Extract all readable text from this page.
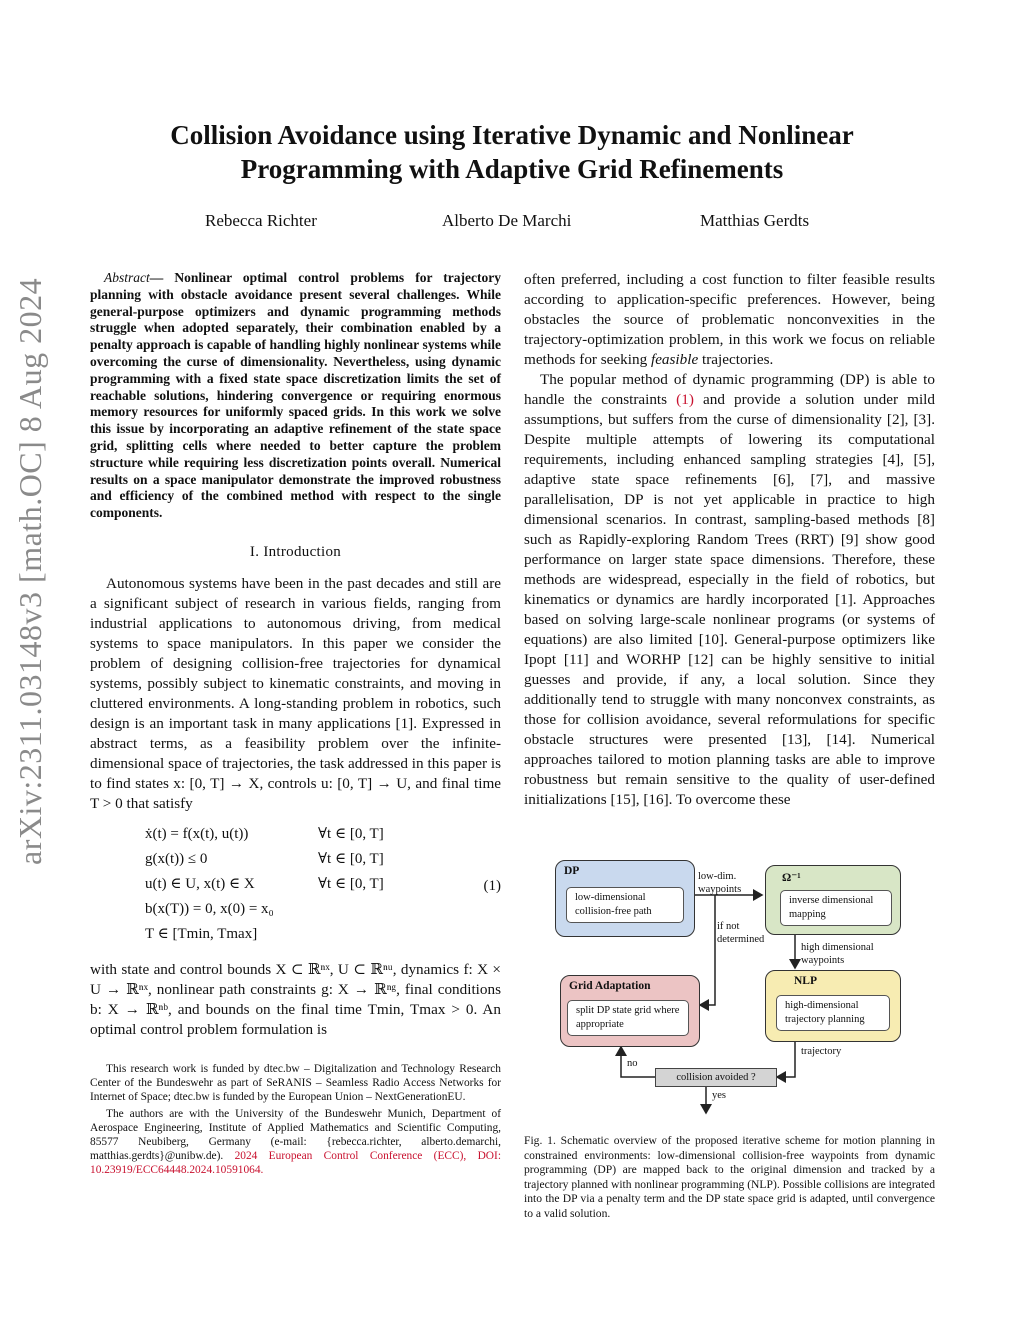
arXiv:2311.03148v3 [math.OC] 8 Aug 2024
Collision Avoidance using Iterative Dynamic and Nonlinear
Programming with Adaptive Grid Refinements
Rebecca Richter	Alberto De Marchi	Matthias Gerdts

Abstract— Nonlinear optimal control problems for trajectory planning with obstacle avoidance present several challenges. While general-purpose optimizers and dynamic programming methods struggle when adopted separately, their combination enabled by a penalty approach is capable of handling highly nonlinear systems while overcoming the curse of dimensionality. Nevertheless, using dynamic programming with a fixed state space discretization limits the set of reachable solutions, hindering convergence or requiring enormous memory resources for uniformly spaced grids. In this work we solve this issue by incorporating an adaptive refinement of the state space grid, splitting cells where needed to better capture the problem structure while requiring less discretization points overall. Numerical results on a space manipulator demonstrate the improved robustness and efficiency of the combined method with respect to the single components.

I. Introduction

Autonomous systems have been in the past decades and still are a significant subject of research in various fields, ranging from industrial applications to autonomous driving, from medical systems to space manipulators. In this paper we consider the problem of designing collision-free trajectories for dynamical systems, possibly subject to kinematic constraints, and moving in cluttered environments. A long-standing problem in robotics, such design is an important task in many applications [1]. Expressed in abstract terms, as a feasibility problem over the infinite-dimensional space of trajectories, the task addressed in this paper is to find states x: [0, T] → X, controls u: [0, T] → U, and final time T > 0 that satisfy

ẋ(t) = f(x(t), u(t))	∀t ∈ [0, T]
g(x(t)) ≤ 0	∀t ∈ [0, T]
u(t) ∈ U, x(t) ∈ X	∀t ∈ [0, T]
b(x(T)) = 0, x(0) = x₀
T ∈ [Tmin, Tmax]
(1)

with state and control bounds X ⊂ ℝⁿˣ, U ⊂ ℝⁿᵘ, dynamics f: X × U → ℝⁿˣ, nonlinear path constraints g: X → ℝⁿᵍ, final conditions b: X → ℝⁿᵇ, and bounds on the final time Tmin, Tmax > 0. An optimal control problem formulation is

This research work is funded by dtec.bw – Digitalization and Technology Research Center of the Bundeswehr as part of SeRANIS – Seamless Radio Access Networks for Internet of Space; dtec.bw is funded by the European Union – NextGenerationEU.

The authors are with the University of the Bundeswehr Munich, Department of Aerospace Engineering, Institute of Applied Mathematics and Scientific Computing, 85577 Neubiberg, Germany (e-mail: {rebecca.richter, alberto.demarchi, matthias.gerdts}@unibw.de). 2024 European Control Conference (ECC), DOI: 10.23919/ECC64448.2024.10591064.

often preferred, including a cost function to filter feasible results according to application-specific preferences. However, being obstacles the source of problematic nonconvexities in the trajectory-optimization problem, in this work we focus on reliable methods for seeking feasible trajectories.

The popular method of dynamic programming (DP) is able to handle the constraints (1) and provide a solution under mild assumptions, but suffers from the curse of dimensionality [2], [3]. Despite multiple attempts of lowering its computational requirements, including enhanced sampling strategies [4], [5], adaptive state space refinements [6], [7], and massive parallelisation, DP is not yet applicable in practice to high dimensional scenarios. In contrast, sampling-based methods [8] such as Rapidly-exploring Random Trees (RRT) [9] show good performance on larger state space dimensions. Therefore, these methods are widespread, especially in the field of robotics, but kinematics or dynamics are hardly incorporated [1]. Approaches based on solving large-scale nonlinear programs (or systems of equations) are also limited [10]. General-purpose optimizers like Ipopt [11] and WORHP [12] can be highly sensitive to initial guesses and provide, if any, a local solution. Since they additionally tend to struggle with many nonconvex constraints, as those for collision avoidance, several reformulations for specific obstacle structures were presented [13], [14]. Numerical approaches tailored to motion planning tasks are able to improve robustness but remain sensitive to the quality of user-defined initializations [15], [16]. To overcome these

DP
low-dimensional collision-free path
Ω⁻¹
inverse dimensional mapping
Grid Adaptation
split DP state grid where appropriate
NLP
high-dimensional trajectory planning
collision avoided ?
low-dim. waypoints
if not determined
high dimensional waypoints
trajectory
no
yes
Fig. 1. Schematic overview of the proposed iterative scheme for motion planning in constrained environments: low-dimensional collision-free waypoints from dynamic programming (DP) are mapped back to the original dimension and tracked by a trajectory planned with nonlinear programming (NLP). Possible collisions are integrated into the DP via a penalty term and the DP state space grid is adapted, until convergence to a valid solution.
